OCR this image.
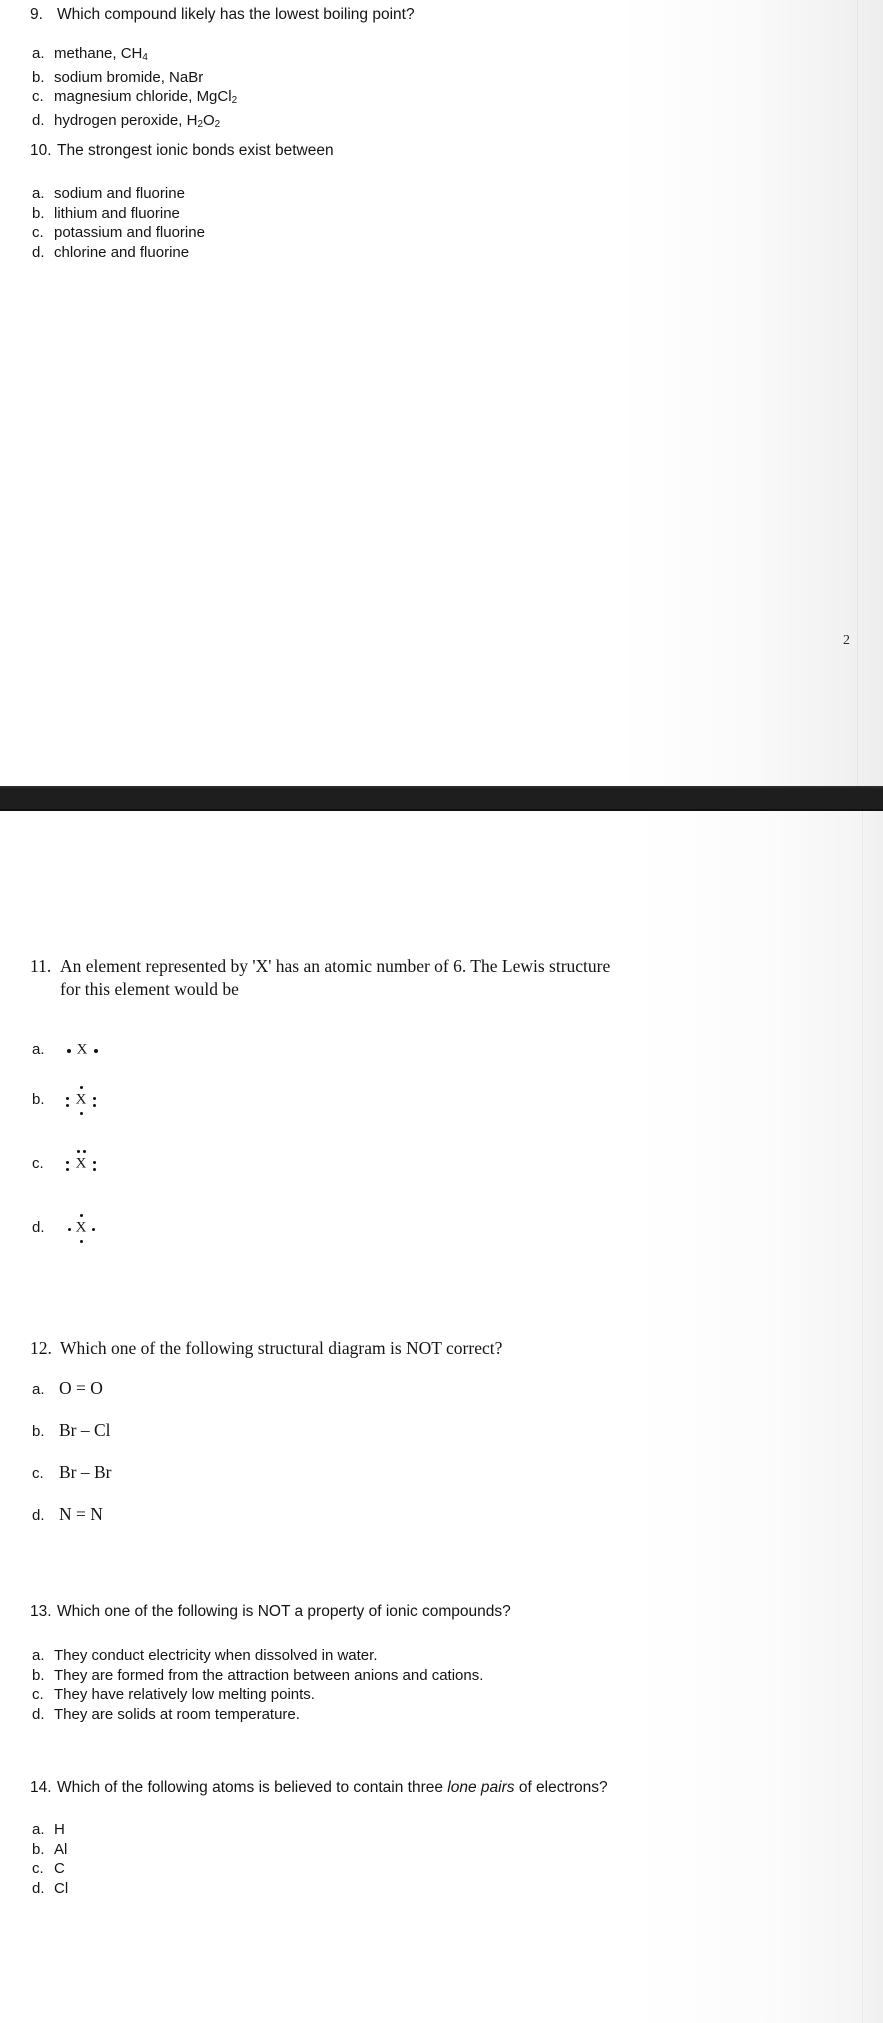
9. Which compound likely has the lowest boiling point?
a. methane, $CH_4$
b. sodium bromide, NaBr
c. magnesium chloride, MgCl$_2$
d. hydrogen peroxide, $H_2O_2$
10. The strongest ionic bonds exist between
a. sodium and fluorine
b. lithium and fluorine
c. potassium and fluorine
d. chlorine and fluorine
2
11. An element represented by 'X' has an atomic number of 6. The Lewis structure
for this element would be
a. X
b. X
c. X
d. X
12. Which one of the following structural diagram is NOT correct?
a. O = O
b. Br – Cl
c. Br – Br
d. N = N
13. Which one of the following is NOT a property of ionic compounds?
a. They conduct electricity when dissolved in water.
b. They are formed from the attraction between anions and cations.
c. They have relatively low melting points.
d. They are solids at room temperature.
14. Which of the following atoms is believed to contain three lone pairs of electrons?
a. H
b. Al
c. C
d. Cl
